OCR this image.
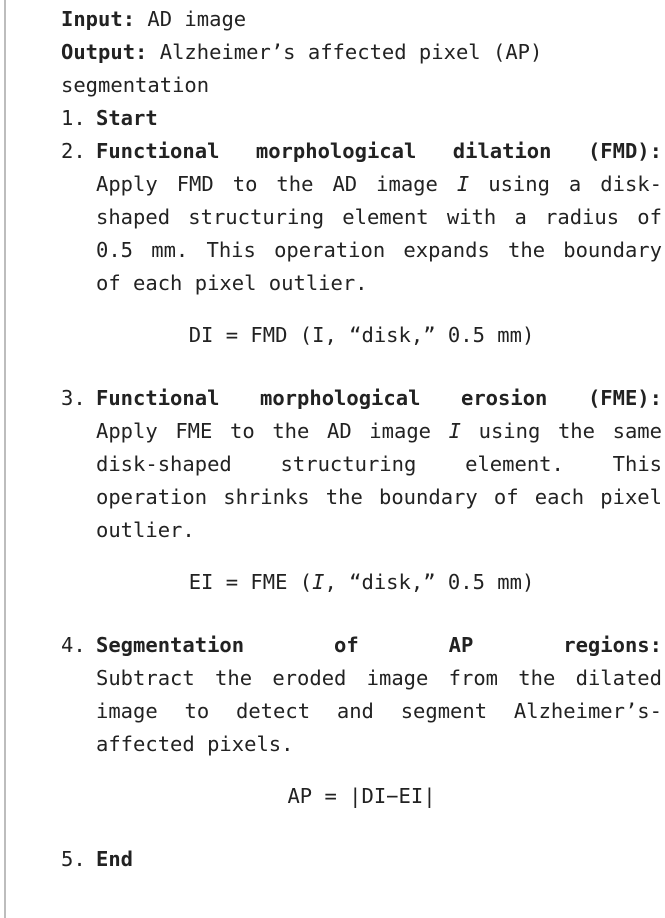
Input: AD image
Output: Alzheimer’s affected pixel (AP)
segmentation
1. Start
2. Functional morphological dilation (FMD):
Apply FMD to the AD image I using a disk-shaped structuring element with a radius of 0.5 mm. This operation expands the boundary of each pixel outlier.
DI = FMD (I, “disk,” 0.5 mm)
3. Functional morphological erosion (FME):
Apply FME to the AD image I using the same disk-shaped structuring element. This operation shrinks the boundary of each pixel outlier.
EI = FME (I, “disk,” 0.5 mm)
4. Segmentation of AP regions:
Subtract the eroded image from the dilated image to detect and segment Alzheimer’s-affected pixels.
AP = |DI−EI|
5. End
